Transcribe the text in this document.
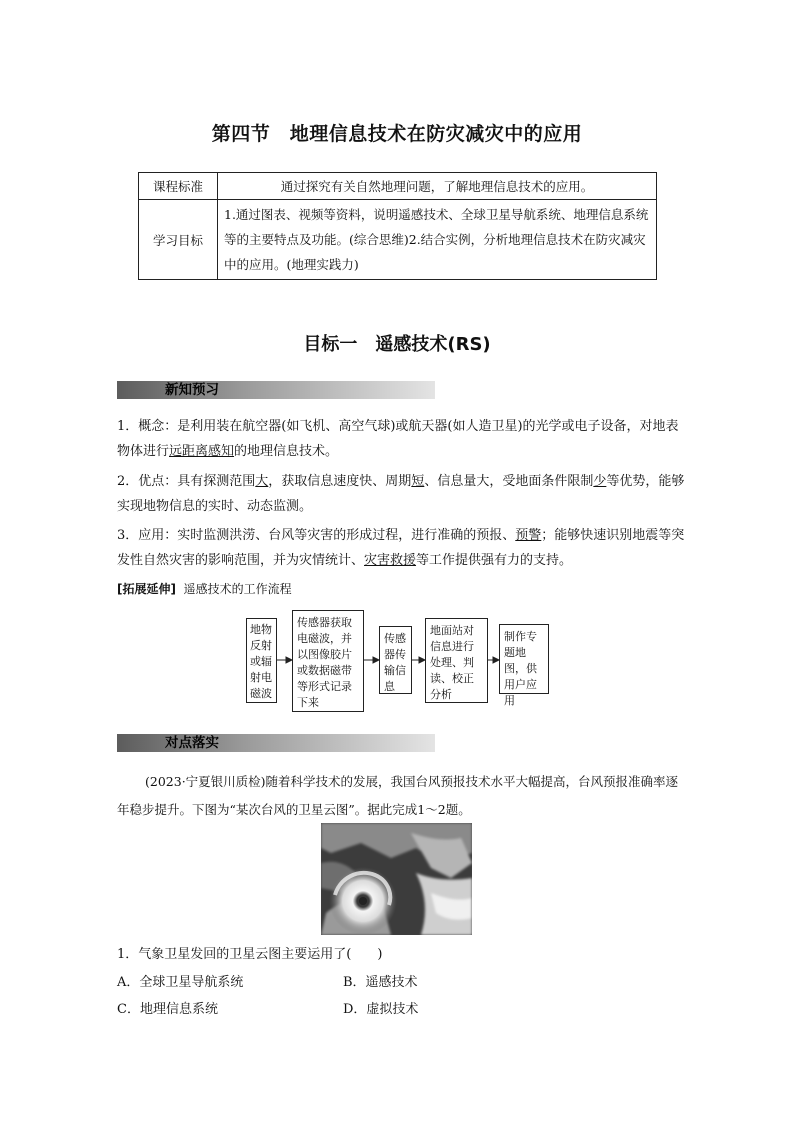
第四节　地理信息技术在防灾减灾中的应用
课程标准	通过探究有关自然地理问题，了解地理信息技术的应用。
学习目标	1.通过图表、视频等资料，说明遥感技术、全球卫星导航系统、地理信息系统等的主要特点及功能。(综合思维)2.结合实例，分析地理信息技术在防灾减灾中的应用。(地理实践力)
目标一　遥感技术(RS)
新知预习
1．概念：是利用装在航空器(如飞机、高空气球)或航天器(如人造卫星)的光学或电子设备，对地表物体进行远距离感知的地理信息技术。
2．优点：具有探测范围大，获取信息速度快、周期短、信息量大，受地面条件限制少等优势，能够实现地物信息的实时、动态监测。
3．应用：实时监测洪涝、台风等灾害的形成过程，进行准确的预报、预警；能够快速识别地震等突发性自然灾害的影响范围，并为灾情统计、灾害救援等工作提供强有力的支持。
[拓展延伸] 遥感技术的工作流程
地物反射或辐射电磁波
传感器获取电磁波，并以图像胶片或数据磁带等形式记录下来
传感器传输信息
地面站对信息进行处理、判读、校正分析
制作专题地图，供用户应用
对点落实
(2023·宁夏银川质检)随着科学技术的发展，我国台风预报技术水平大幅提高，台风预报准确率逐年稳步提升。下图为“某次台风的卫星云图”。据此完成1～2题。
1．气象卫星发回的卫星云图主要运用了(　　)
A．全球卫星导航系统	B．遥感技术
C．地理信息系统	D．虚拟技术
